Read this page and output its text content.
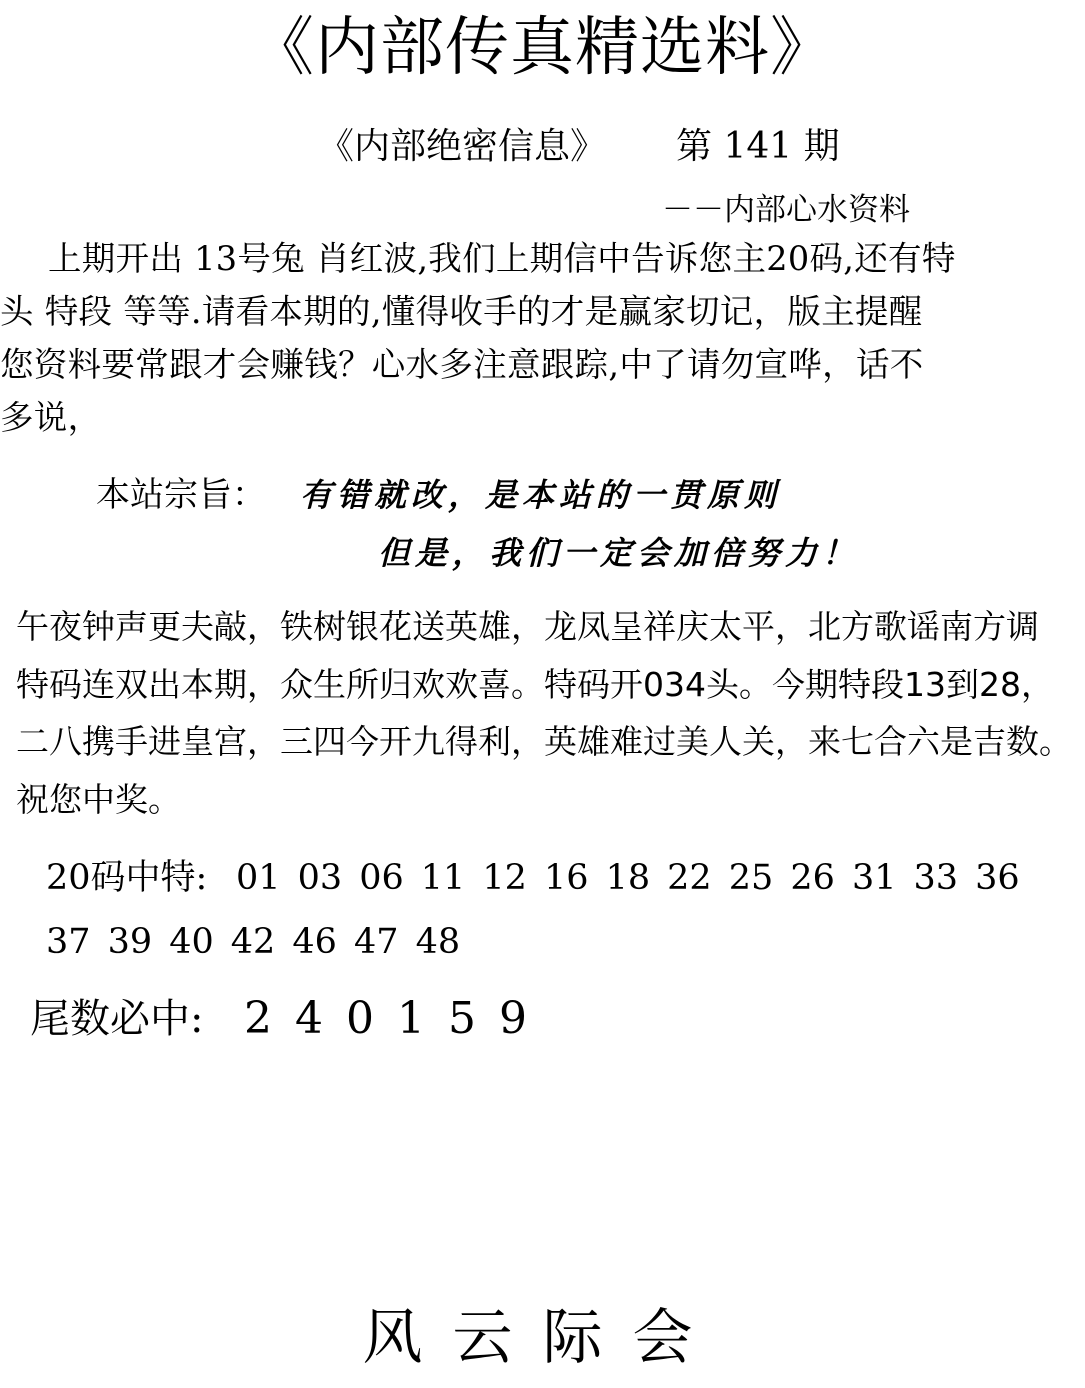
《内部传真精选料》
《内部绝密信息》 第 141 期
－－内部心水资料
上期开出 13号兔 肖红波,我们上期信中告诉您主20码,还有特
头 特段 等等.请看本期的,懂得收手的才是赢家切记，版主提醒
您资料要常跟才会赚钱？心水多注意跟踪,中了请勿宣哗，话不
多说，
本站宗旨： 有错就改，是本站的一贯原则
但是，我们一定会加倍努力！
午夜钟声更夫敲，铁树银花送英雄，龙凤呈祥庆太平，北方歌谣南方调
特码连双出本期，众生所归欢欢喜。特码开034头。今期特段13到28，
二八携手进皇宫，三四今开九得利，英雄难过美人关，来七合六是吉数。
祝您中奖。
20码中特: 01 03 06 11 12 16 18 22 25 26 31 33 36
37 39 40 42 46 47 48
尾数必中: 2 4 0 1 5 9
风云际会
